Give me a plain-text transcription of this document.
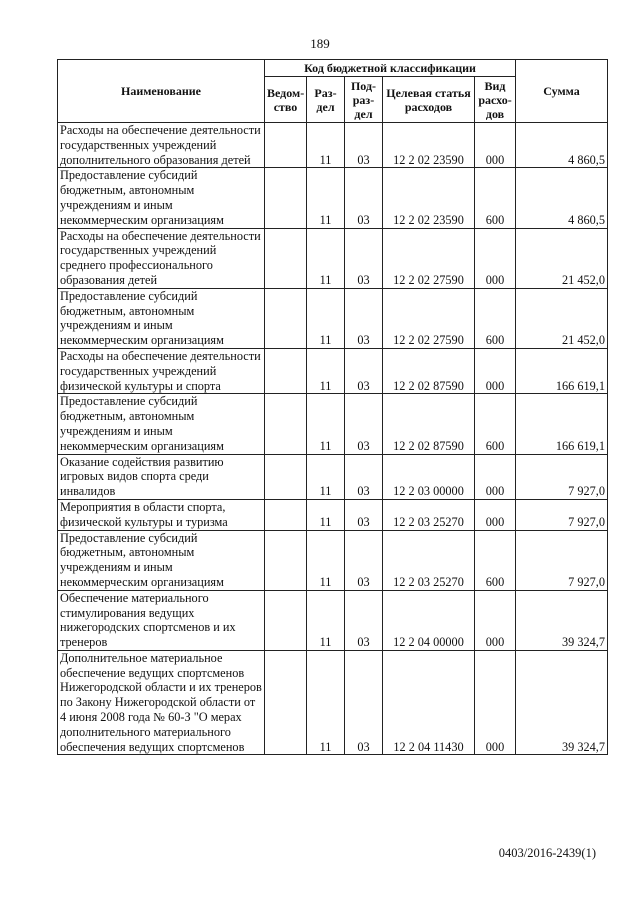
189
Наименование	Код бюджетной классификации					Сумма
	Ведом-ство	Раз-дел	Под-раз-дел	Целевая статья расходов	Вид расхо-дов	
Расходы на обеспечение деятельности государственных учреждений дополнительного образования детей		11	03	12 2 02 23590	000	4 860,5
Предоставление субсидий бюджетным, автономным учреждениям и иным некоммерческим организациям		11	03	12 2 02 23590	600	4 860,5
Расходы на обеспечение деятельности государственных учреждений среднего профессионального образования детей		11	03	12 2 02 27590	000	21 452,0
Предоставление субсидий бюджетным, автономным учреждениям и иным некоммерческим организациям		11	03	12 2 02 27590	600	21 452,0
Расходы на обеспечение деятельности государственных учреждений физической культуры и спорта		11	03	12 2 02 87590	000	166 619,1
Предоставление субсидий бюджетным, автономным учреждениям и иным некоммерческим организациям		11	03	12 2 02 87590	600	166 619,1
Оказание содействия развитию игровых видов спорта среди инвалидов		11	03	12 2 03 00000	000	7 927,0
Мероприятия в области спорта, физической культуры и туризма		11	03	12 2 03 25270	000	7 927,0
Предоставление субсидий бюджетным, автономным учреждениям и иным некоммерческим организациям		11	03	12 2 03 25270	600	7 927,0
Обеспечение материального стимулирования ведущих нижегородских спортсменов и их тренеров		11	03	12 2 04 00000	000	39 324,7
Дополнительное материальное обеспечение ведущих спортсменов Нижегородской области и их тренеров по Закону Нижегородской области от 4 июня 2008 года № 60-З "О мерах дополнительного материального обеспечения ведущих спортсменов		11	03	12 2 04 11430	000	39 324,7
0403/2016-2439(1)
